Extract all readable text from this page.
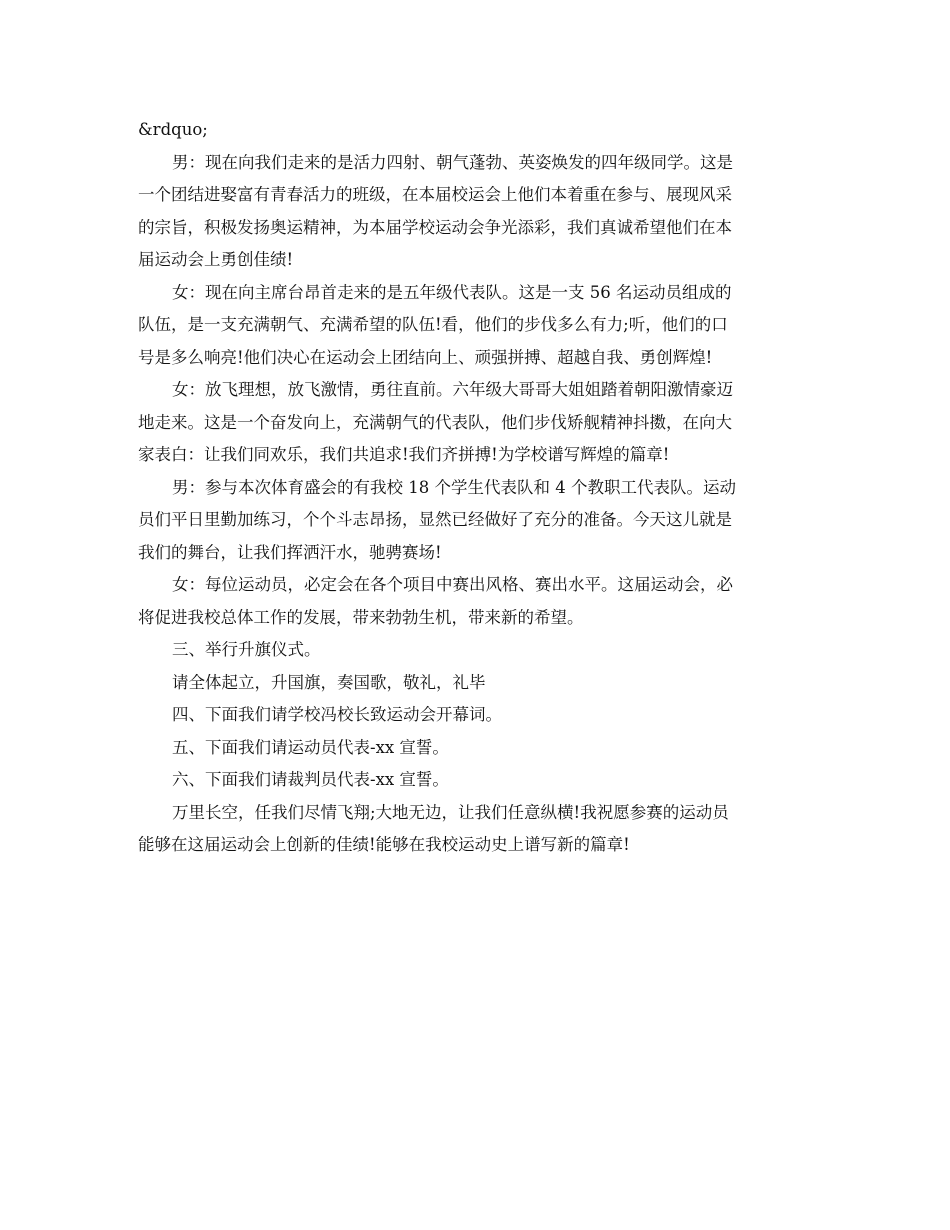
&rdquo;

男：现在向我们走来的是活力四射、朝气蓬勃、英姿焕发的四年级同学。这是
一个团结进娶富有青春活力的班级，在本届校运会上他们本着重在参与、展现风采
的宗旨，积极发扬奥运精神，为本届学校运动会争光添彩，我们真诚希望他们在本
届运动会上勇创佳绩!
女：现在向主席台昂首走来的是五年级代表队。这是一支 56 名运动员组成的
队伍，是一支充满朝气、充满希望的队伍!看，他们的步伐多么有力;听，他们的口
号是多么响亮!他们决心在运动会上团结向上、顽强拼搏、超越自我、勇创辉煌!
女：放飞理想，放飞激情，勇往直前。六年级大哥哥大姐姐踏着朝阳激情豪迈
地走来。这是一个奋发向上，充满朝气的代表队，他们步伐矫舰精神抖擞，在向大
家表白：让我们同欢乐，我们共追求!我们齐拼搏!为学校谱写辉煌的篇章!
男：参与本次体育盛会的有我校 18 个学生代表队和 4 个教职工代表队。运动
员们平日里勤加练习，个个斗志昂扬，显然已经做好了充分的准备。今天这儿就是
我们的舞台，让我们挥洒汗水，驰骋赛场!
女：每位运动员，必定会在各个项目中赛出风格、赛出水平。这届运动会，必
将促进我校总体工作的发展，带来勃勃生机，带来新的希望。
三、举行升旗仪式。
请全体起立，升国旗，奏国歌，敬礼，礼毕
四、下面我们请学校冯校长致运动会开幕词。
五、下面我们请运动员代表-xx 宣誓。
六、下面我们请裁判员代表-xx 宣誓。
万里长空，任我们尽情飞翔;大地无边，让我们任意纵横!我祝愿参赛的运动员
能够在这届运动会上创新的佳绩!能够在我校运动史上谱写新的篇章!
